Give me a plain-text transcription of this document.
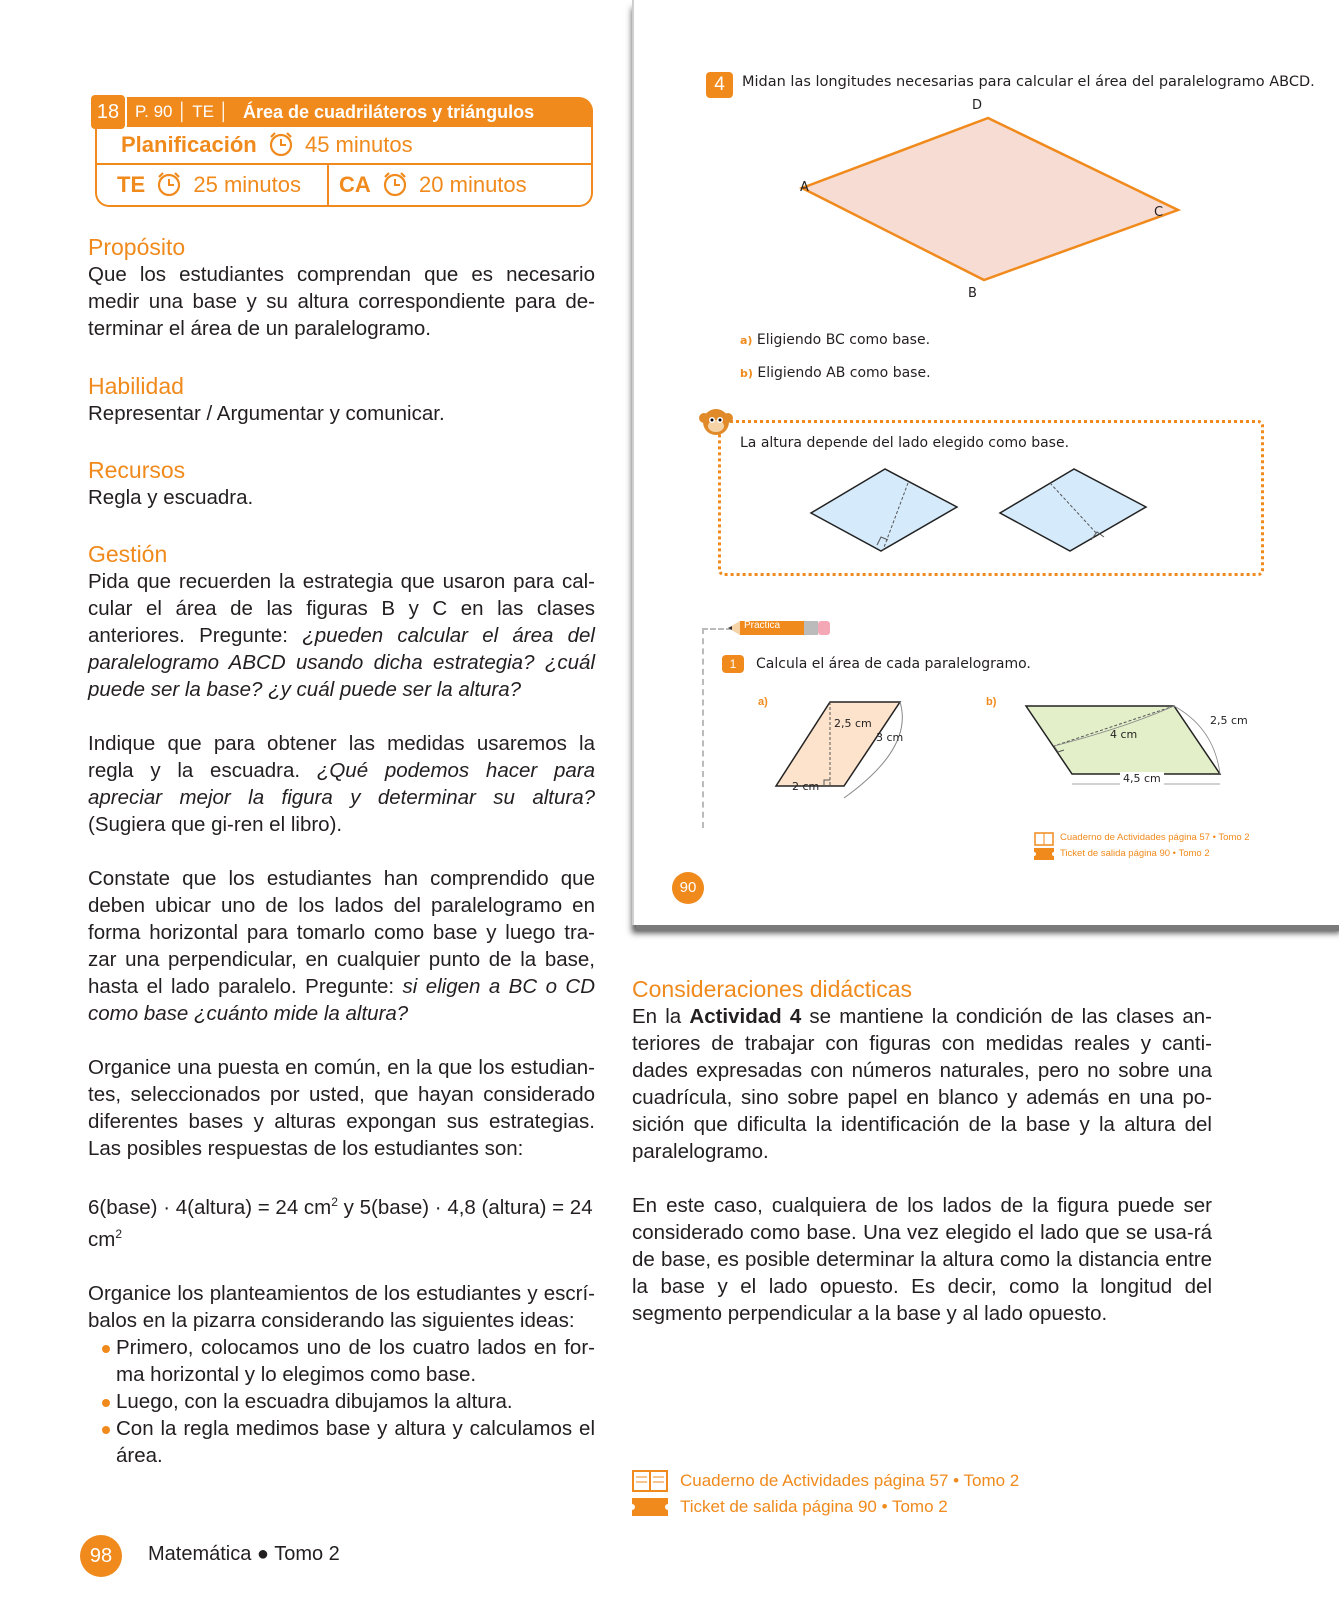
P. 90 │ TE │ Área de cuadriláteros y triángulos
18
Planificación 45 minutos
TE 25 minutos CA 20 minutos
Propósito
Que los estudiantes comprendan que es necesario medir una base y su altura correspondiente para de-terminar el área de un paralelogramo.
Habilidad
Representar / Argumentar y comunicar.
Recursos
Regla y escuadra.
Gestión
Pida que recuerden la estrategia que usaron para cal-cular el área de las figuras B y C en las clases anteriores. Pregunte: ¿pueden calcular el área del paralelogramo ABCD usando dicha estrategia? ¿cuál puede ser la base? ¿y cuál puede ser la altura?
Indique que para obtener las medidas usaremos la regla y la escuadra. ¿Qué podemos hacer para apreciar mejor la figura y determinar su altura? (Sugiera que gi-ren el libro).
Constate que los estudiantes han comprendido que deben ubicar uno de los lados del paralelogramo en forma horizontal para tomarlo como base y luego tra-zar una perpendicular, en cualquier punto de la base, hasta el lado paralelo. Pregunte: si eligen a BC o CD como base ¿cuánto mide la altura?
Organice una puesta en común, en la que los estudian-tes, seleccionados por usted, que hayan considerado diferentes bases y alturas expongan sus estrategias. Las posibles respuestas de los estudiantes son:
6(base) · 4(altura) = 24 $cm^2$ y 5(base) · 4,8 (altura) = 24 $cm^2$
Organice los planteamientos de los estudiantes y escrí-balos en la pizarra considerando las siguientes ideas:
Primero, colocamos uno de los cuatro lados en for-ma horizontal y lo elegimos como base.
Luego, con la escuadra dibujamos la altura.
Con la regla medimos base y altura y calculamos el área.
4	Midan las longitudes necesarias para calcular el área del paralelogramo ABCD.
D
A
C
B
a) Eligiendo BC como base.
b) Eligiendo AB como base.
La altura depende del lado elegido como base.
Practica
1	Calcula el área de cada paralelogramo.
a)
2,5 cm
3 cm
2 cm
b)
4 cm
2,5 cm
4,5 cm
Cuaderno de Actividades página 57 • Tomo 2
Ticket de salida página 90 • Tomo 2
90
Consideraciones didácticas
En la Actividad 4 se mantiene la condición de las clases an-teriores de trabajar con figuras con medidas reales y canti-dades expresadas con números naturales, pero no sobre una cuadrícula, sino sobre papel en blanco y además en una po-sición que dificulta la identificación de la base y la altura del paralelogramo.
En este caso, cualquiera de los lados de la figura puede ser considerado como base. Una vez elegido el lado que se usa-rá de base, es posible determinar la altura como la distancia entre la base y el lado opuesto. Es decir, como la longitud del segmento perpendicular a la base y al lado opuesto.
Cuaderno de Actividades página 57 • Tomo 2
Ticket de salida página 90 • Tomo 2
98	Matemática ● Tomo 2
